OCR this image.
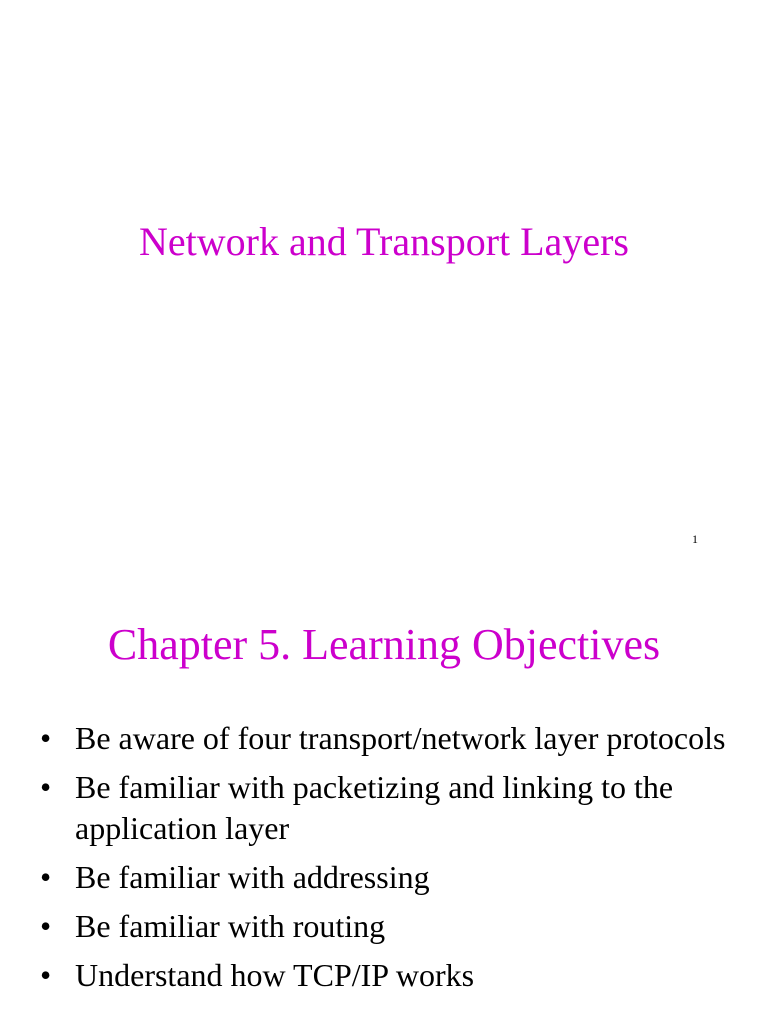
Network and Transport Layers
1
Chapter 5. Learning Objectives
• Be aware of four transport/network layer protocols
• Be familiar with packetizing and linking to the application layer
• Be familiar with addressing
• Be familiar with routing
• Understand how TCP/IP works
